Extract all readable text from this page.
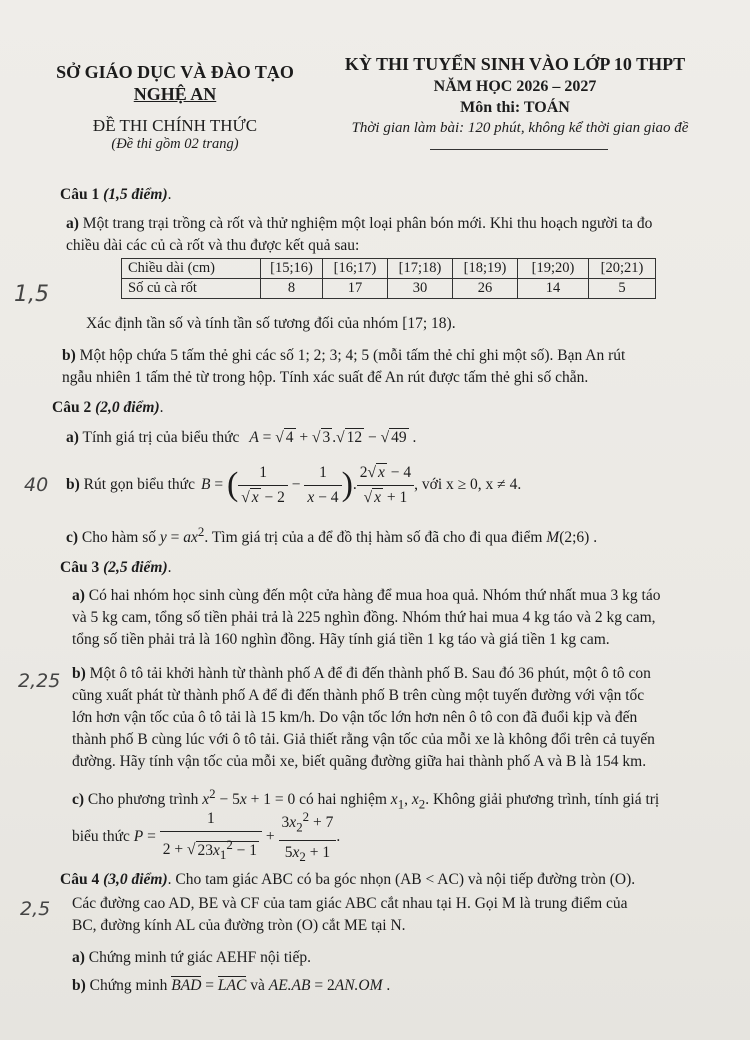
SỞ GIÁO DỤC VÀ ĐÀO TẠO
NGHỆ AN
ĐỀ THI CHÍNH THỨC
(Đề thi gồm 02 trang)
KỲ THI TUYỂN SINH VÀO LỚP 10 THPT
NĂM HỌC 2026 – 2027
Môn thi: TOÁN
Thời gian làm bài: 120 phút, không kể thời gian giao đề
Câu 1 (1,5 điểm).
a) Một trang trại trồng cà rốt và thử nghiệm một loại phân bón mới. Khi thu hoạch người ta đo
chiều dài các củ cà rốt và thu được kết quả sau:
Chiều dài (cm)	[15;16)	[16;17)	[17;18)	[18;19)	[19;20)	[20;21)
Số củ cà rốt	8	17	30	26	14	5
1,5
Xác định tần số và tính tần số tương đối của nhóm [17; 18).
b) Một hộp chứa 5 tấm thẻ ghi các số 1; 2; 3; 4; 5 (mỗi tấm thẻ chỉ ghi một số). Bạn An rút
ngẫu nhiên 1 tấm thẻ từ trong hộp. Tính xác suất để An rút được tấm thẻ ghi số chẵn.
Câu 2 (2,0 điểm).
a) Tính giá trị của biểu thức A = √ 4 + √ 3 .√ 12 − √ 49 .
40 b)
Rút gọn biểu thức B = ( $\frac{1}{√ x - 2} - \frac{1}{x - 4}$ ) . $\frac{2√ x - 4}{√ x + 1}$ , với x ≥ 0, x ≠ 4.
c) Cho hàm số $y = ax^2$. Tìm giá trị của a để đồ thị hàm số đã cho đi qua điểm M(2;6) .
Câu 3 (2,5 điểm).
a) Có hai nhóm học sinh cùng đến một cửa hàng để mua hoa quả. Nhóm thứ nhất mua 3 kg táo
và 5 kg cam, tổng số tiền phải trả là 225 nghìn đồng. Nhóm thứ hai mua 4 kg táo và 2 kg cam,
tổng số tiền phải trả là 160 nghìn đồng. Hãy tính giá tiền 1 kg táo và giá tiền 1 kg cam.
2,25 b) Một ô tô tải khởi hành từ thành phố A để đi đến thành phố B. Sau đó 36 phút, một ô tô con
cũng xuất phát từ thành phố A để đi đến thành phố B trên cùng một tuyến đường với vận tốc
lớn hơn vận tốc của ô tô tải là 15 km/h. Do vận tốc lớn hơn nên ô tô con đã đuổi kịp và đến
thành phố B cùng lúc với ô tô tải. Giả thiết rằng vận tốc của mỗi xe là không đổi trên cả tuyến
đường. Hãy tính vận tốc của mỗi xe, biết quãng đường giữa hai thành phố A và B là 154 km.
c) Cho phương trình $x^2 - 5x + 1 = 0$ có hai nghiệm $x_1$, $x_2$. Không giải phương trình, tính giá trị
biểu thức
$P = \frac{1}{2 + √ 23x_1^2 - 1} + \frac{3x_2^2 + 7}{5x_2 + 1}$ .
Câu 4 (3,0 điểm). Cho tam giác ABC có ba góc nhọn (AB < AC) và nội tiếp đường tròn (O).
2,5 Các đường cao AD, BE và CF của tam giác ABC cắt nhau tại H. Gọi M là trung điểm của
BC, đường kính AL của đường tròn (O) cắt ME tại N.
a) Chứng minh tứ giác AEHF nội tiếp.
b) Chứng minh BAD = LAC và AE.AB = 2AN.OM .
